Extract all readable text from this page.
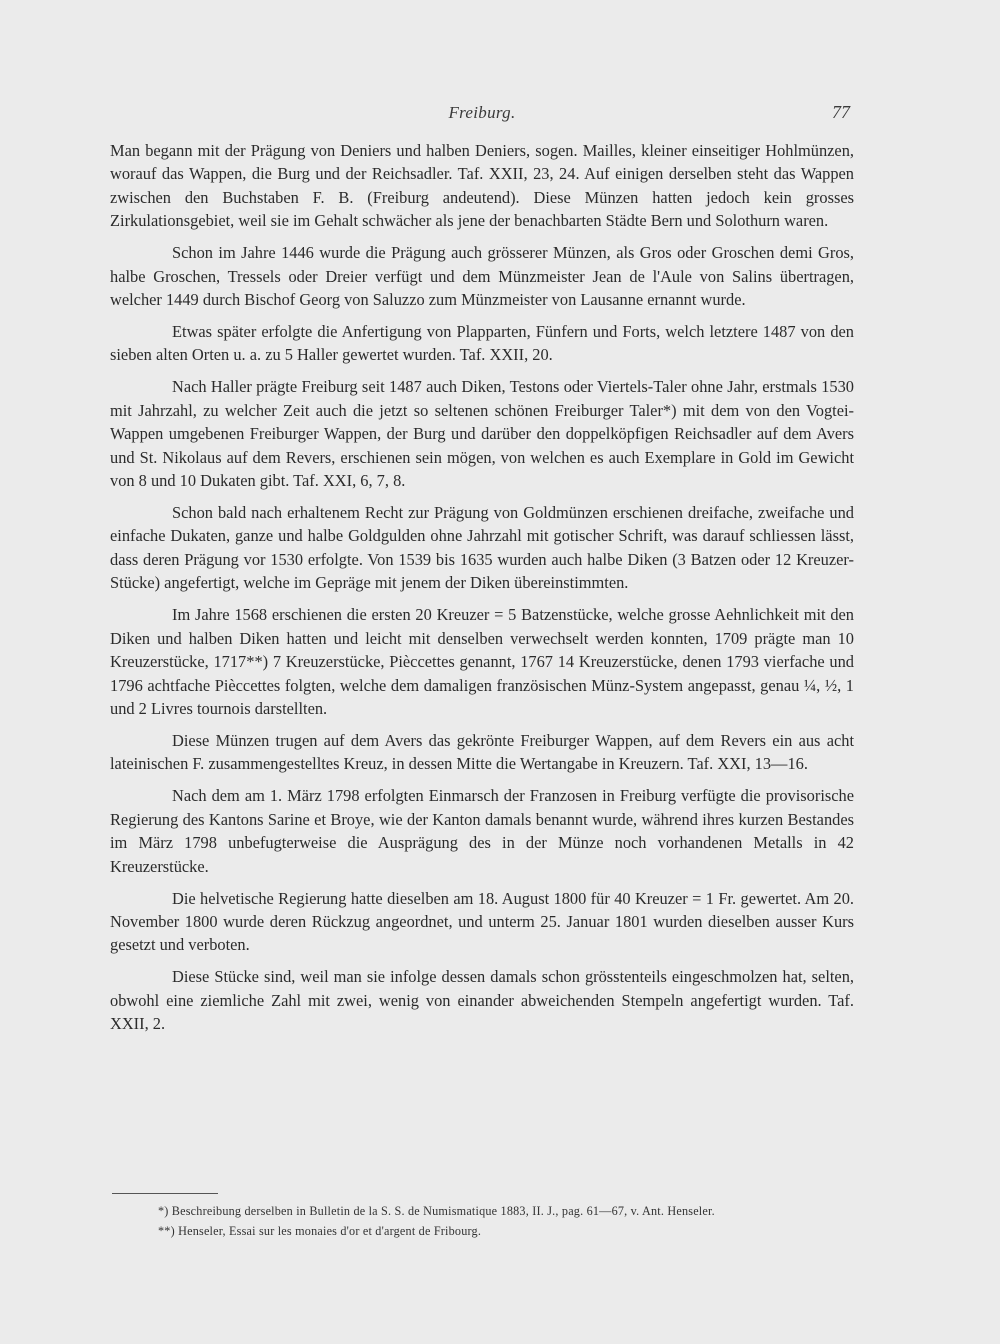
Freiburg.	77

Man begann mit der Prägung von Deniers und halben Deniers, sogen. Mailles, kleiner einseitiger Hohlmünzen, worauf das Wappen, die Burg und der Reichsadler. Taf. XXII, 23, 24. Auf einigen derselben steht das Wappen zwischen den Buchstaben F. B. (Freiburg andeutend). Diese Münzen hatten jedoch kein grosses Zirkulationsgebiet, weil sie im Gehalt schwächer als jene der benachbarten Städte Bern und Solothurn waren.

Schon im Jahre 1446 wurde die Prägung auch grösserer Münzen, als Gros oder Groschen demi Gros, halbe Groschen, Tressels oder Dreier verfügt und dem Münzmeister Jean de l'Aule von Salins übertragen, welcher 1449 durch Bischof Georg von Saluzzo zum Münzmeister von Lausanne ernannt wurde.

Etwas später erfolgte die Anfertigung von Plapparten, Fünfern und Forts, welch letztere 1487 von den sieben alten Orten u. a. zu 5 Haller gewertet wurden. Taf. XXII, 20.

Nach Haller prägte Freiburg seit 1487 auch Diken, Testons oder Viertels-Taler ohne Jahr, erstmals 1530 mit Jahrzahl, zu welcher Zeit auch die jetzt so seltenen schönen Freiburger Taler*) mit dem von den Vogtei-Wappen umgebenen Freiburger Wappen, der Burg und darüber den doppelköpfigen Reichsadler auf dem Avers und St. Nikolaus auf dem Revers, erschienen sein mögen, von welchen es auch Exemplare in Gold im Gewicht von 8 und 10 Dukaten gibt. Taf. XXI, 6, 7, 8.

Schon bald nach erhaltenem Recht zur Prägung von Goldmünzen erschienen dreifache, zweifache und einfache Dukaten, ganze und halbe Goldgulden ohne Jahrzahl mit gotischer Schrift, was darauf schliessen lässt, dass deren Prägung vor 1530 erfolgte. Von 1539 bis 1635 wurden auch halbe Diken (3 Batzen oder 12 Kreuzer-Stücke) angefertigt, welche im Gepräge mit jenem der Diken übereinstimmten.

Im Jahre 1568 erschienen die ersten 20 Kreuzer = 5 Batzenstücke, welche grosse Aehnlichkeit mit den Diken und halben Diken hatten und leicht mit denselben verwechselt werden konnten, 1709 prägte man 10 Kreuzerstücke, 1717**) 7 Kreuzerstücke, Pièccettes genannt, 1767 14 Kreuzerstücke, denen 1793 vierfache und 1796 achtfache Pièccettes folgten, welche dem damaligen französischen Münz-System angepasst, genau ¼, ½, 1 und 2 Livres tournois darstellten.

Diese Münzen trugen auf dem Avers das gekrönte Freiburger Wappen, auf dem Revers ein aus acht lateinischen F. zusammengestelltes Kreuz, in dessen Mitte die Wertangabe in Kreuzern. Taf. XXI, 13—16.

Nach dem am 1. März 1798 erfolgten Einmarsch der Franzosen in Freiburg verfügte die provisorische Regierung des Kantons Sarine et Broye, wie der Kanton damals benannt wurde, während ihres kurzen Bestandes im März 1798 unbefugterweise die Ausprägung des in der Münze noch vorhandenen Metalls in 42 Kreuzerstücke.

Die helvetische Regierung hatte dieselben am 18. August 1800 für 40 Kreuzer = 1 Fr. gewertet. Am 20. November 1800 wurde deren Rückzug angeordnet, und unterm 25. Januar 1801 wurden dieselben ausser Kurs gesetzt und verboten.

Diese Stücke sind, weil man sie infolge dessen damals schon grösstenteils eingeschmolzen hat, selten, obwohl eine ziemliche Zahl mit zwei, wenig von einander abweichenden Stempeln angefertigt wurden. Taf. XXII, 2.

*) Beschreibung derselben in Bulletin de la S. S. de Numismatique 1883, II. J., pag. 61—67, v. Ant. Henseler.

**) Henseler, Essai sur les monaies d'or et d'argent de Fribourg.
